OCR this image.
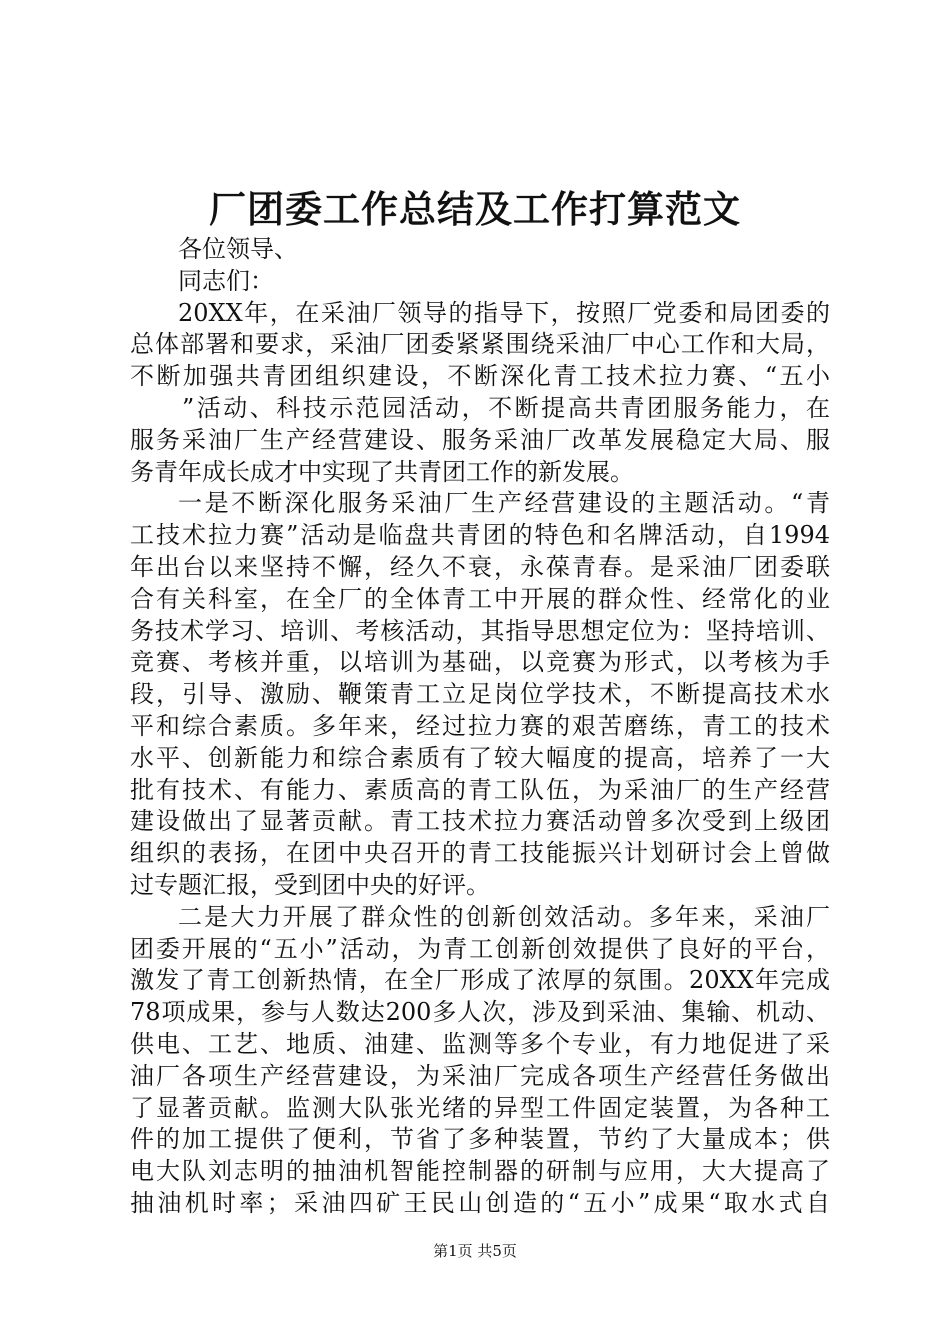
厂团委工作总结及工作打算范文
各位领导、
同志们：
20XX年，在采油厂领导的指导下，按照厂党委和局团委的
总体部署和要求，采油厂团委紧紧围绕采油厂中心工作和大局，
不断加强共青团组织建设，不断深化青工技术拉力赛、“五小
”活动、科技示范园活动，不断提高共青团服务能力，在
服务采油厂生产经营建设、服务采油厂改革发展稳定大局、服
务青年成长成才中实现了共青团工作的新发展。
一是不断深化服务采油厂生产经营建设的主题活动。“青
工技术拉力赛”活动是临盘共青团的特色和名牌活动，自1994
年出台以来坚持不懈，经久不衰，永葆青春。是采油厂团委联
合有关科室，在全厂的全体青工中开展的群众性、经常化的业
务技术学习、培训、考核活动，其指导思想定位为：坚持培训、
竞赛、考核并重，以培训为基础，以竞赛为形式，以考核为手
段，引导、激励、鞭策青工立足岗位学技术，不断提高技术水
平和综合素质。多年来，经过拉力赛的艰苦磨练，青工的技术
水平、创新能力和综合素质有了较大幅度的提高，培养了一大
批有技术、有能力、素质高的青工队伍，为采油厂的生产经营
建设做出了显著贡献。青工技术拉力赛活动曾多次受到上级团
组织的表扬，在团中央召开的青工技能振兴计划研讨会上曾做
过专题汇报，受到团中央的好评。
二是大力开展了群众性的创新创效活动。多年来，采油厂
团委开展的“五小”活动，为青工创新创效提供了良好的平台，
激发了青工创新热情，在全厂形成了浓厚的氛围。20XX年完成
78项成果，参与人数达200多人次，涉及到采油、集输、机动、
供电、工艺、地质、油建、监测等多个专业，有力地促进了采
油厂各项生产经营建设，为采油厂完成各项生产经营任务做出
了显著贡献。监测大队张光绪的异型工件固定装置，为各种工
件的加工提供了便利，节省了多种装置，节约了大量成本；供
电大队刘志明的抽油机智能控制器的研制与应用，大大提高了
抽油机时率；采油四矿王民山创造的“五小”成果“取水式自
第1页 共5页
